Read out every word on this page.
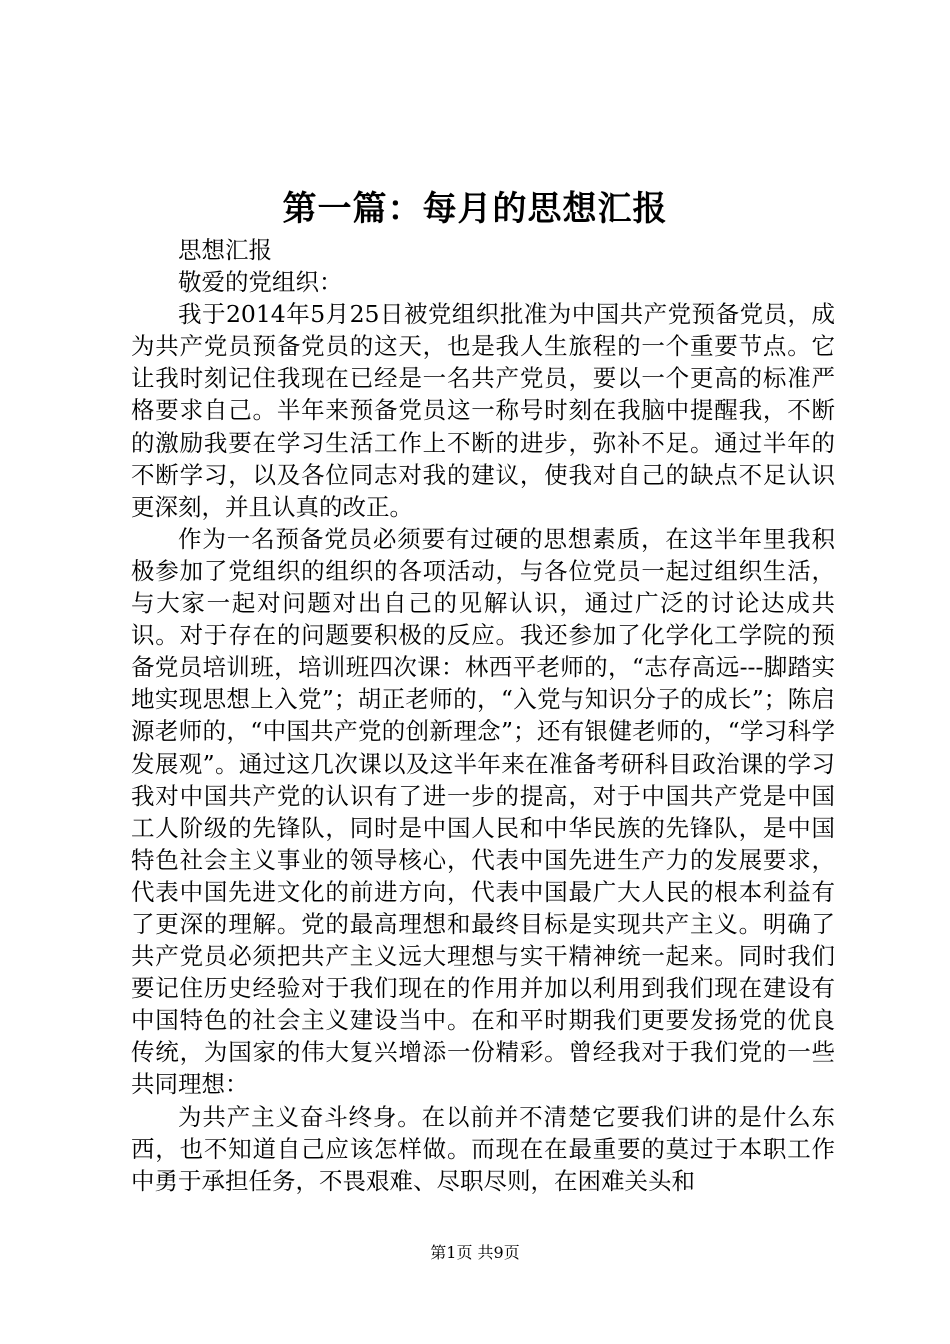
第一篇：每月的思想汇报

思想汇报

敬爱的党组织：

我于2014年5月25日被党组织批准为中国共产党预备党员，成为共产党员预备党员的这天，也是我人生旅程的一个重要节点。它让我时刻记住我现在已经是一名共产党员，要以一个更高的标准严格要求自己。半年来预备党员这一称号时刻在我脑中提醒我，不断的激励我要在学习生活工作上不断的进步，弥补不足。通过半年的不断学习，以及各位同志对我的建议，使我对自己的缺点不足认识更深刻，并且认真的改正。

作为一名预备党员必须要有过硬的思想素质，在这半年里我积极参加了党组织的组织的各项活动，与各位党员一起过组织生活，与大家一起对问题对出自己的见解认识，通过广泛的讨论达成共识。对于存在的问题要积极的反应。我还参加了化学化工学院的预备党员培训班，培训班四次课：林西平老师的，“志存高远---脚踏实地实现思想上入党”；胡正老师的，“入党与知识分子的成长”；陈启源老师的，“中国共产党的创新理念”；还有银健老师的，“学习科学发展观”。通过这几次课以及这半年来在准备考研科目政治课的学习我对中国共产党的认识有了进一步的提高，对于中国共产党是中国工人阶级的先锋队，同时是中国人民和中华民族的先锋队，是中国特色社会主义事业的领导核心，代表中国先进生产力的发展要求，代表中国先进文化的前进方向，代表中国最广大人民的根本利益有了更深的理解。党的最高理想和最终目标是实现共产主义。明确了共产党员必须把共产主义远大理想与实干精神统一起来。同时我们要记住历史经验对于我们现在的作用并加以利用到我们现在建设有中国特色的社会主义建设当中。在和平时期我们更要发扬党的优良传统，为国家的伟大复兴增添一份精彩。曾经我对于我们党的一些共同理想：

为共产主义奋斗终身。在以前并不清楚它要我们讲的是什么东西，也不知道自己应该怎样做。而现在在最重要的莫过于本职工作中勇于承担任务，不畏艰难、尽职尽则，在困难关头和

第1页 共9页
